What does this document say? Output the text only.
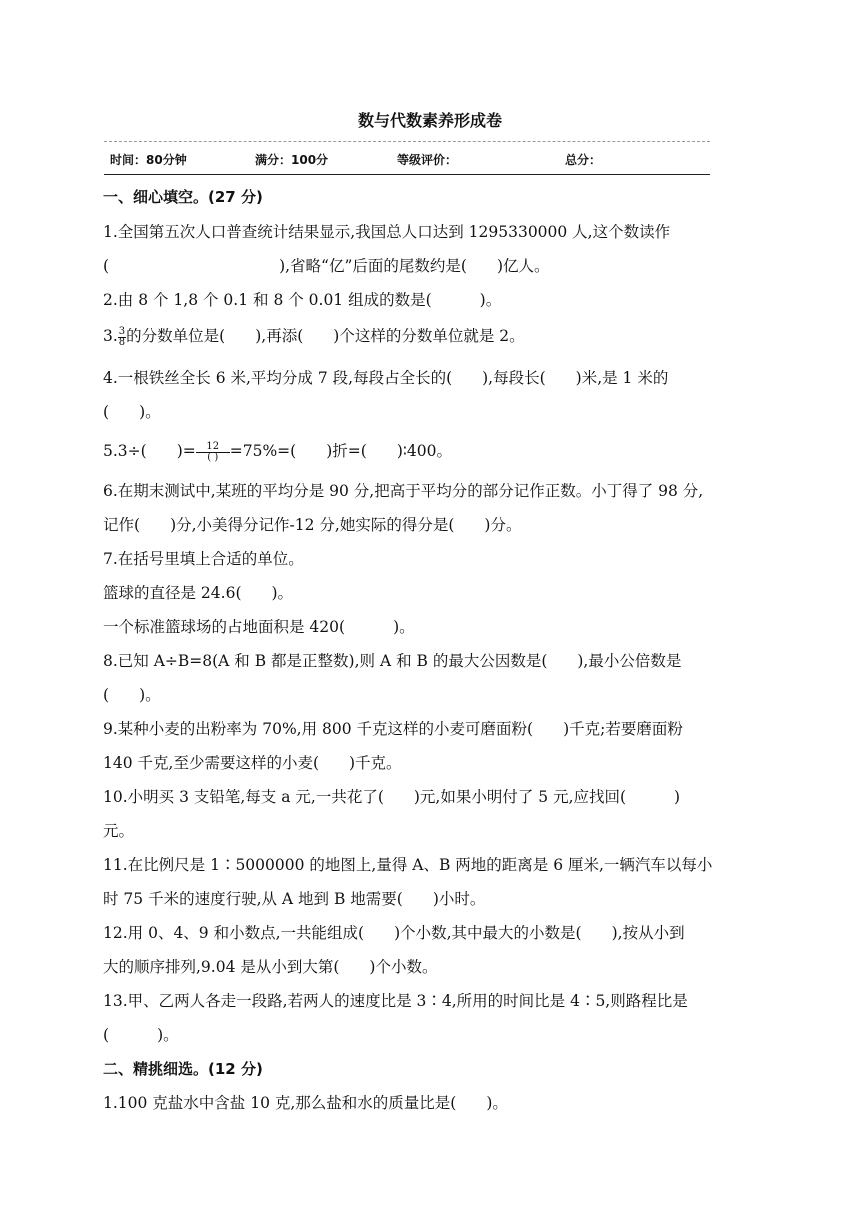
数与代数素养形成卷
时间：80分钟	满分：100分	等级评价：	总分：
一、细心填空。(27 分)
1.全国第五次人口普查统计结果显示,我国总人口达到 1295330000 人,这个数读作
(	),省略“亿”后面的尾数约是( )亿人。
2.由 8 个 1,8 个 0.1 和 8 个 0.01 组成的数是(	)。
3. $\frac{3}{8}$ 的分数单位是( ),再添( )个这样的分数单位就是 2。
4.一根铁丝全长 6 米,平均分成 7 段,每段占全长的( ),每段长( )米,是 1 米的
( )。
5.3÷( )= $\frac{12}{( )} =75\%=$( )折=( )∶400。
6.在期末测试中,某班的平均分是 90 分,把高于平均分的部分记作正数。小丁得了 98 分,
记作( )分,小美得分记作-12 分,她实际的得分是( )分。
7.在括号里填上合适的单位。
篮球的直径是 24.6( )。
一个标准篮球场的占地面积是 420(	)。
8.已知 A÷B=8(A 和 B 都是正整数),则 A 和 B 的最大公因数是( ),最小公倍数是
( )。
9.某种小麦的出粉率为 70%,用 800 千克这样的小麦可磨面粉( )千克;若要磨面粉
140 千克,至少需要这样的小麦( )千克。
10.小明买 3 支铅笔,每支 a 元,一共花了( )元,如果小明付了 5 元,应找回(	)
元。
11.在比例尺是 1∶5000000 的地图上,量得 A、B 两地的距离是 6 厘米,一辆汽车以每小
时 75 千米的速度行驶,从 A 地到 B 地需要( )小时。
12.用 0、4、9 和小数点,一共能组成( )个小数,其中最大的小数是( ),按从小到
大的顺序排列,9.04 是从小到大第( )个小数。
13.甲、乙两人各走一段路,若两人的速度比是 3∶4,所用的时间比是 4∶5,则路程比是
(	)。
二、精挑细选。(12 分)
1.100 克盐水中含盐 10 克,那么盐和水的质量比是( )。
